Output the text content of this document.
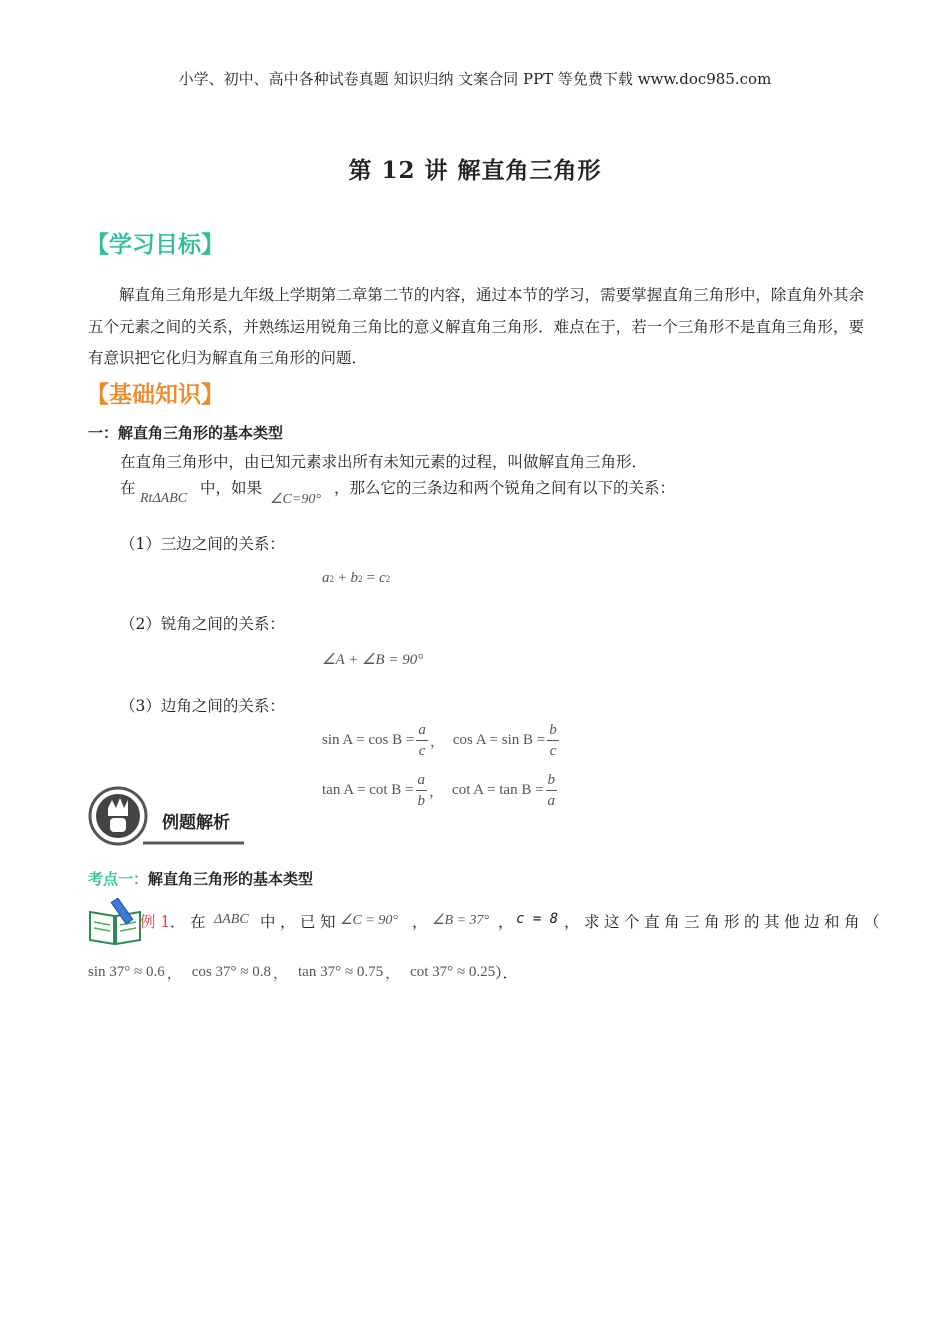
小学、初中、高中各种试卷真题 知识归纳 文案合同 PPT 等免费下载 www.doc985.com
第 12 讲 解直角三角形
【学习目标】
解直角三角形是九年级上学期第二章第二节的内容，通过本节的学习，需要掌握直角三角形中，除直角外其余五个元素之间的关系，并熟练运用锐角三角比的意义解直角三角形．难点在于，若一个三角形不是直角三角形，要有意识把它化归为解直角三角形的问题．
【基础知识】
一：解直角三角形的基本类型
在直角三角形中，由已知元素求出所有未知元素的过程，叫做解直角三角形．
在
RtΔABC
中，如果
∠C=90°
，那么它的三条边和两个锐角之间有以下的关系：
（1）三边之间的关系：
a 2 + b 2 = c 2
（2）锐角之间的关系：
∠A + ∠B = 90°
（3）边角之间的关系：
$\sin A = \cos B = \frac{a}{c}$ ， $\cos A = \sin B = \frac{b}{c}$
$\tan A = \cot B = \frac{a}{b}$ ， $\cot A = \tan B = \frac{b}{a}$
例题解析
考点一：解直角三角形的基本类型
例 1 ．在 ΔABC 中，已知 ∠C = 90° ， ∠B = 37° ， c = 8 ，求这个直角三角形的其他边和角（
sin 37° ≈ 0.6 ， cos 37° ≈ 0.8 ， tan 37° ≈ 0.75 ， cot 37° ≈ 0.25 ）．
